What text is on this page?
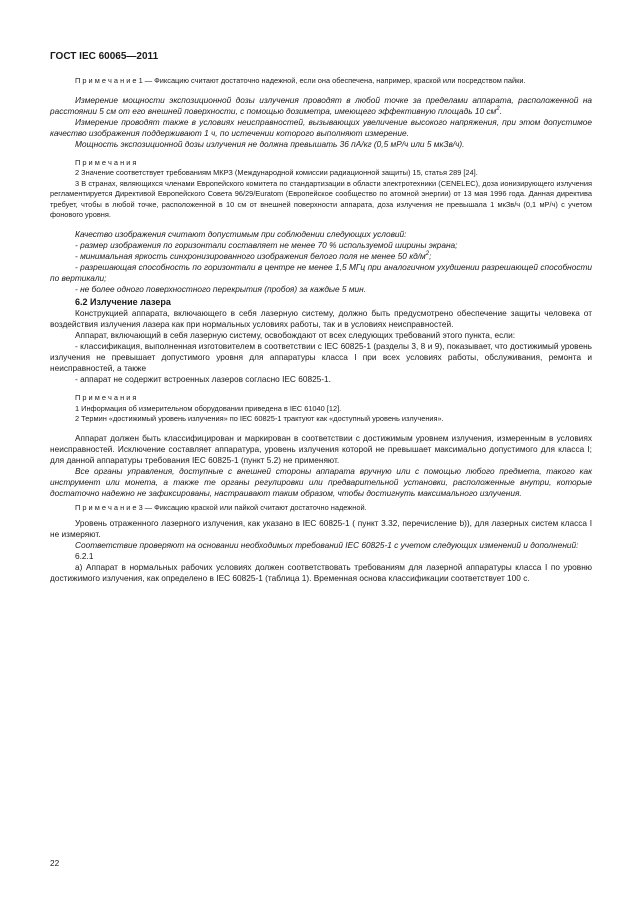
ГОСТ IEC 60065—2011

П р и м е ч а н и е 1 — Фиксацию считают достаточно надежной, если она обеспечена, например, краской или посредством пайки.

Измерение мощности экспозиционной дозы излучения проводят в любой точке за пределами аппарата, расположенной на расстоянии 5 см от его внешней поверхности, с помощью дозиметра, имеющего эффективную площадь 10 $см^2$.

Измерение проводят также в условиях неисправностей, вызывающих увеличение высокого напряжения, при этом допустимое качество изображения поддерживают 1 ч, по истечении которого выполняют измерение.

Мощность экспозиционной дозы излучения не должна превышать 36 пА/кг (0,5 мР/ч или 5 мкЗв/ч).

П р и м е ч а н и я

2 Значение соответствует требованиям МКРЗ (Международной комиссии радиационной защиты) 15, статья 289 [24].

3 В странах, являющихся членами Европейского комитета по стандартизации в области электротехники (CENELEC), доза ионизирующего излучения регламентируется Директивой Европейского Совета 96/29/Euratom (Европейское сообщество по атомной энергии) от 13 мая 1996 года. Данная директива требует, чтобы в любой точке, расположенной в 10 см от внешней поверхности аппарата, доза излучения не превышала 1 мкЗв/ч (0,1 мР/ч) с учетом фонового уровня.

Качество изображения считают допустимым при соблюдении следующих условий:

- размер изображения по горизонтали составляет не менее 70 % используемой ширины экрана;

- минимальная яркость синхронизированного изображения белого поля не менее 50 $кд/м^2$;

- разрешающая способность по горизонтали в центре не менее 1,5 МГц при аналогичном ухудшении разрешающей способности по вертикали;

- не более одного поверхностного перекрытия (пробоя) за каждые 5 мин.

6.2 Излучение лазера

Конструкцией аппарата, включающего в себя лазерную систему, должно быть предусмотрено обеспечение защиты человека от воздействия излучения лазера как при нормальных условиях работы, так и в условиях неисправностей.

Аппарат, включающий в себя лазерную систему, освобождают от всех следующих требований этого пункта, если:

- классификация, выполненная изготовителем в соответствии с IEC 60825-1 (разделы 3, 8 и 9), показывает, что достижимый уровень излучения не превышает допустимого уровня для аппаратуры класса I при всех условиях работы, обслуживания, ремонта и неисправностей, а также

- аппарат не содержит встроенных лазеров согласно IEC 60825-1.

П р и м е ч а н и я

1 Информация об измерительном оборудовании приведена в IEC 61040 [12].

2 Термин «достижимый уровень излучения» по IEC 60825-1 трактуют как «доступный уровень излучения».

Аппарат должен быть классифицирован и маркирован в соответствии с достижимым уровнем излучения, измеренным в условиях неисправностей. Исключение составляет аппаратура, уровень излучения которой не превышает максимально допустимого для класса I; для данной аппаратуры требования IEC 60825-1 (пункт 5.2) не применяют.

Все органы управления, доступные с внешней стороны аппарата вручную или с помощью любого предмета, такого как инструмент или монета, а также те органы регулировки или предварительной установки, расположенные внутри, которые достаточно надежно не зафиксированы, настраивают таким образом, чтобы достигнуть максимального излучения.

П р и м е ч а н и е 3 — Фиксацию краской или пайкой считают достаточно надежной.

Уровень отраженного лазерного излучения, как указано в IEC 60825-1 ( пункт 3.32, перечисление b)), для лазерных систем класса I не измеряют.

Соответствие проверяют на основании необходимых требований IEC 60825-1 с учетом следующих изменений и дополнений:

6.2.1

а) Аппарат в нормальных рабочих условиях должен соответствовать требованиям для лазерной аппаратуры класса I по уровню достижимого излучения, как определено в IEC 60825-1 (таблица 1). Временная основа классификации соответствует 100 с.

22
